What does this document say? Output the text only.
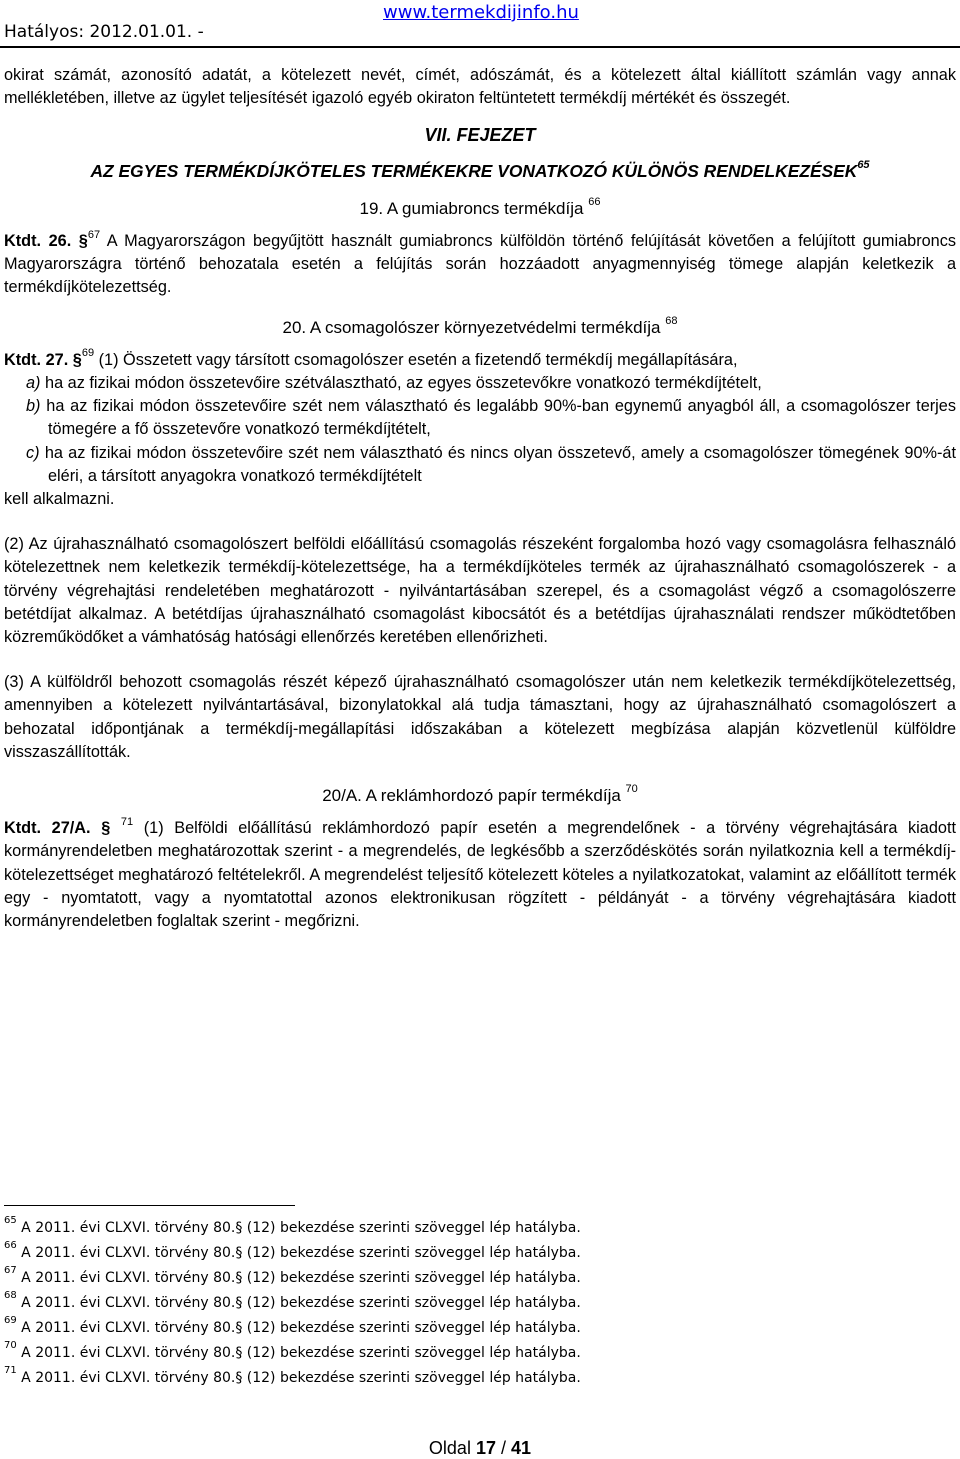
Hatályos: 2012.01.01. -
www.termekdijinfo.hu

okirat számát, azonosító adatát, a kötelezett nevét, címét, adószámát, és a kötelezett által kiállított számlán vagy annak mellékletében, illetve az ügylet teljesítését igazoló egyéb okiraton feltüntetett termékdíj mértékét és összegét.

VII. FEJEZET
AZ EGYES TERMÉKDÍJKÖTELES TERMÉKEKRE VONATKOZÓ KÜLÖNÖS RENDELKEZÉSEK$^{65}$
19. A gumiabroncs termékdíja $^{66}$

Ktdt. 26. §$^{67}$ A Magyarországon begyűjtött használt gumiabroncs külföldön történő felújítását követően a felújított gumiabroncs Magyarországra történő behozatala esetén a felújítás során hozzáadott anyagmennyiség tömege alapján keletkezik a termékdíjkötelezettség.

20. A csomagolószer környezetvédelmi termékdíja $^{68}$

Ktdt. 27. §$^{69}$ (1) Összetett vagy társított csomagolószer esetén a fizetendő termékdíj megállapítására,

a) ha az fizikai módon összetevőire szétválasztható, az egyes összetevőkre vonatkozó termékdíjtételt,

b) ha az fizikai módon összetevőire szét nem választható és legalább 90%-ban egynemű anyagból áll, a csomagolószer terjes tömegére a fő összetevőre vonatkozó termékdíjtételt,

c) ha az fizikai módon összetevőire szét nem választható és nincs olyan összetevő, amely a csomagolószer tömegének 90%-át eléri, a társított anyagokra vonatkozó termékdíjtételt

kell alkalmazni.

(2) Az újrahasználható csomagolószert belföldi előállítású csomagolás részeként forgalomba hozó vagy csomagolásra felhasználó kötelezettnek nem keletkezik termékdíj-kötelezettsége, ha a termékdíjköteles termék az újrahasználható csomagolószerek - a törvény végrehajtási rendeletében meghatározott - nyilvántartásában szerepel, és a csomagolást végző a csomagolószerre betétdíjat alkalmaz. A betétdíjas újrahasználható csomagolást kibocsátót és a betétdíjas újrahasználati rendszer működtetőben közreműködőket a vámhatóság hatósági ellenőrzés keretében ellenőrizheti.

(3) A külföldről behozott csomagolás részét képező újrahasználható csomagolószer után nem keletkezik termékdíjkötelezettség, amennyiben a kötelezett nyilvántartásával, bizonylatokkal alá tudja támasztani, hogy az újrahasználható csomagolószert a behozatal időpontjának a termékdíj-megállapítási időszakában a kötelezett megbízása alapján közvetlenül külföldre visszaszállították.

20/A. A reklámhordozó papír termékdíja $^{70}$

Ktdt. 27/A. § $^{71}$ (1) Belföldi előállítású reklámhordozó papír esetén a megrendelőnek - a törvény végrehajtására kiadott kormányrendeletben meghatározottak szerint - a megrendelés, de legkésőbb a szerződéskötés során nyilatkoznia kell a termékdíj-kötelezettséget meghatározó feltételekről. A megrendelést teljesítő kötelezett köteles a nyilatkozatokat, valamint az előállított termék egy - nyomtatott, vagy a nyomtatottal azonos elektronikusan rögzített - példányát - a törvény végrehajtására kiadott kormányrendeletben foglaltak szerint - megőrizni.

$^{65}$ A 2011. évi CLXVI. törvény 80.§ (12) bekezdése szerinti szöveggel lép hatályba.
$^{66}$ A 2011. évi CLXVI. törvény 80.§ (12) bekezdése szerinti szöveggel lép hatályba.
$^{67}$ A 2011. évi CLXVI. törvény 80.§ (12) bekezdése szerinti szöveggel lép hatályba.
$^{68}$ A 2011. évi CLXVI. törvény 80.§ (12) bekezdése szerinti szöveggel lép hatályba.
$^{69}$ A 2011. évi CLXVI. törvény 80.§ (12) bekezdése szerinti szöveggel lép hatályba.
$^{70}$ A 2011. évi CLXVI. törvény 80.§ (12) bekezdése szerinti szöveggel lép hatályba.
$^{71}$ A 2011. évi CLXVI. törvény 80.§ (12) bekezdése szerinti szöveggel lép hatályba.
Oldal 17 / 41
